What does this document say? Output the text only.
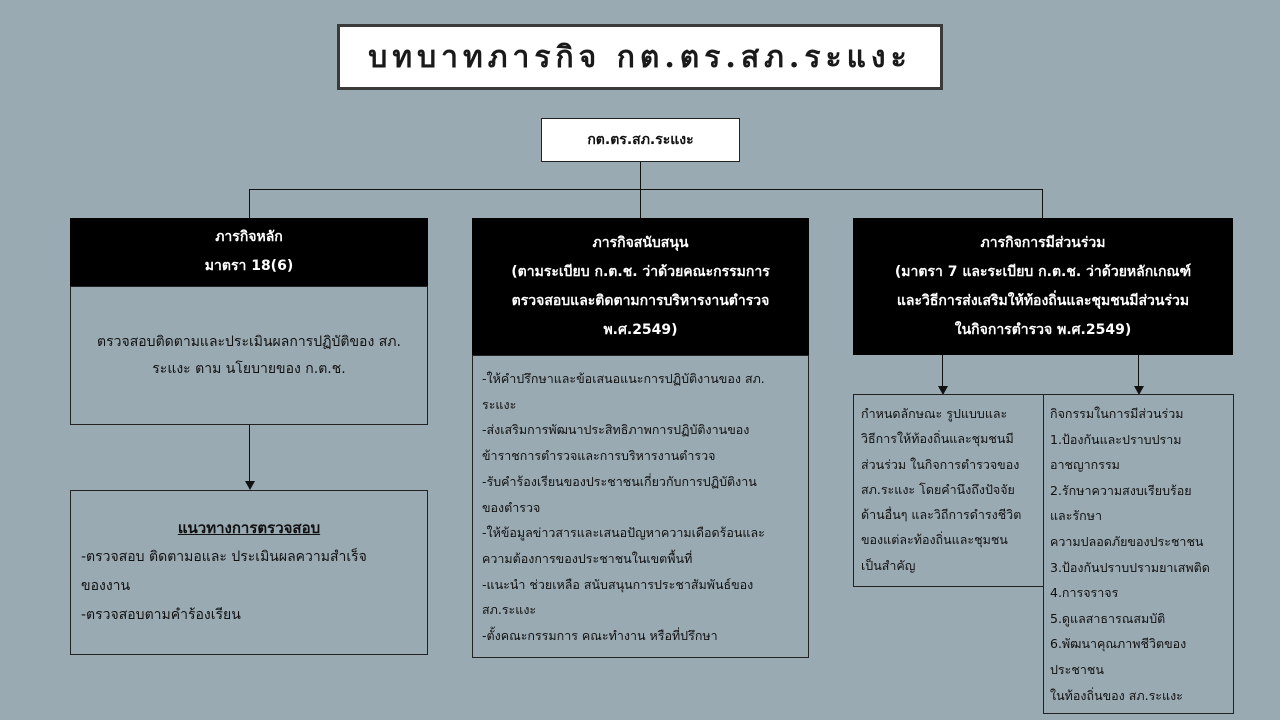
บทบาทภารกิจ กต.ตร.สภ.ระแงะ
กต.ตร.สภ.ระแงะ
ภารกิจหลัก
มาตรา 18(6)
ตรวจสอบติดตามและประเมินผลการปฏิบัติของ สภ.
ระแงะ ตาม นโยบายของ ก.ต.ช.
แนวทางการตรวจสอบ
-ตรวจสอบ ติดตามอและ ประเมินผลความสำเร็จ
ของงาน
-ตรวจสอบตามคำร้องเรียน
ภารกิจสนับสนุน
(ตามระเบียบ ก.ต.ช. ว่าด้วยคณะกรรมการ
ตรวจสอบและติดตามการบริหารงานตำรวจ
พ.ศ.2549)
-ให้คำปรึกษาและข้อเสนอแนะการปฏิบัติงานของ สภ.
ระแงะ
-ส่งเสริมการพัฒนาประสิทธิภาพการปฏิบัติงานของ
ข้าราชการตำรวจและการบริหารงานตำรวจ
-รับคำร้องเรียนของประชาชนเกี่ยวกับการปฏิบัติงาน
ของตำรวจ
-ให้ข้อมูลข่าวสารและเสนอปัญหาความเดือดร้อนและ
ความต้องการของประชาชนในเขตพื้นที่
-แนะนำ ช่วยเหลือ สนับสนุนการประชาสัมพันธ์ของ
สภ.ระแงะ
-ตั้งคณะกรรมการ คณะทำงาน หรือที่ปรึกษา
ภารกิจการมีส่วนร่วม
(มาตรา 7 และระเบียบ ก.ต.ช. ว่าด้วยหลักเกณฑ์
และวิธีการส่งเสริมให้ท้องถิ่นและชุมชนมีส่วนร่วม
ในกิจการตำรวจ พ.ศ.2549)
กำหนดลักษณะ รูปแบบและ
วิธีการให้ท้องถิ่นและชุมชนมี
ส่วนร่วม ในกิจการตำรวจของ
สภ.ระแงะ โดยคำนึงถึงปัจจัย
ด้านอื่นๆ และวิถีการดำรงชีวิต
ของแต่ละท้องถิ่นและชุมชน
เป็นสำคัญ
กิจกรรมในการมีส่วนร่วม
1.ป้องกันและปราบปราม
อาชญากรรม
2.รักษาความสงบเรียบร้อย
และรักษา
ความปลอดภัยของประชาชน
3.ป้องกันปราบปรามยาเสพติด
4.การจราจร
5.ดูแลสาธารณสมบัติ
6.พัฒนาคุณภาพชีวิตของ
ประชาชน
ในท้องถิ่นของ สภ.ระแงะ
